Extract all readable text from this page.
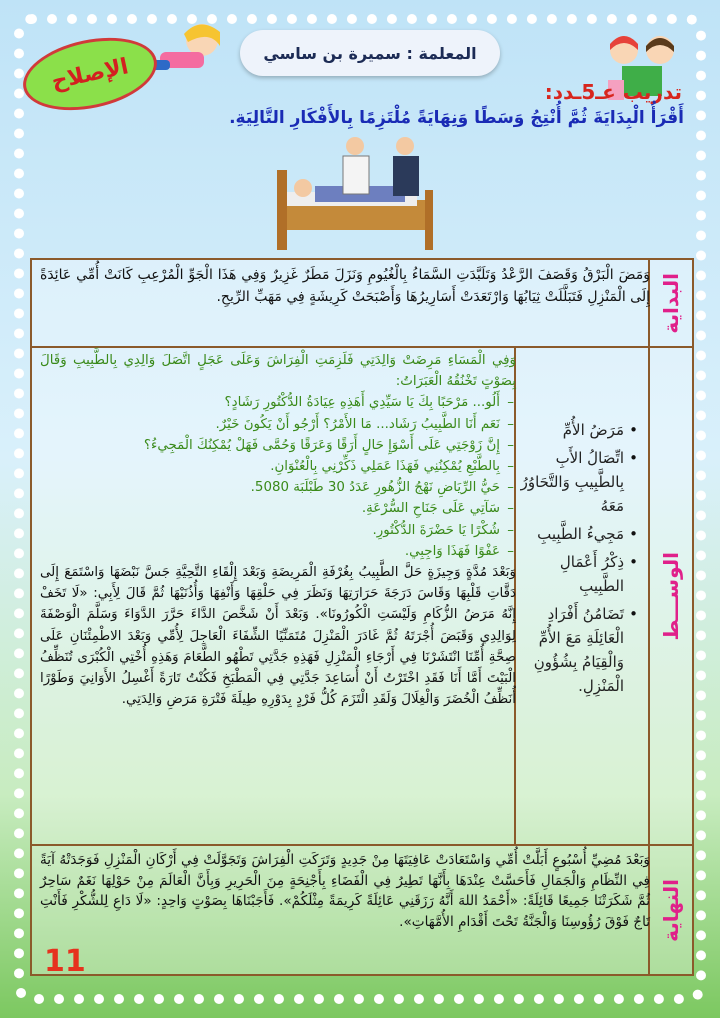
الإصلاح
المعلمة : سميرة بن ساسي
تدريب عـ5ـدد:
أَقْرَأُ الْبِدَايَةَ ثُمَّ أُنْتِجُ وَسَطًا وَنِهَايَةً مُلْتَزِمًا بِالأَفْكَارِ التَّالِيَةِ.
البداية
وَمَضَ الْبَرْقُ وَقَصَفَ الرَّعْدُ وَتَلَبَّدَتِ السَّمَاءُ بِالْغُيُومِ وَنَزَلَ مَطَرٌ غَزِيرٌ وَفِي هَذَا الْجَوِّ الْمُرْعِبِ كَانَتْ أُمِّي عَائِدَةً إِلَى الْمَنْزِلِ فَتَبَلَّلَتْ ثِيَابُهَا وَارْتَعَدَتْ أَسَارِيرُهَا وَأَصْبَحَتْ كَرِيشَةٍ فِي مَهَبِّ الرِّيحِ.
الوســـط
• مَرَضُ الأُمِّ
• اتِّصَالُ الأَبِ بِالطَّبِيبِ وَالتَّحَاوُرُ مَعَهُ
• مَجِيءُ الطَّبِيبِ
• ذِكْرُ أَعْمَالِ الطَّبِيبِ
• تَضَامُنُ أَفْرَادِ الْعَائِلَةِ مَعَ الأُمِّ وَالْقِيَامُ بِشُؤُونِ الْمَنْزِلِ.

وَفِي الْمَسَاءِ مَرِضَتْ وَالِدَتِي فَلَزِمَتِ الْفِرَاشَ وَعَلَى عَجَلٍ اتَّصَلَ وَالِدِي بِالطَّبِيبِ وَقَالَ بِصَوْتٍ تَخْنُقُهُ الْعَبَرَاتُ:

– أَلُو... مَرْحَبًا بِكَ يَا سَيِّدِي أَهَذِهِ عِيَادَةُ الدُّكْتُورِ رَشَادٍ؟
– نَعَم أَنَا الطَّبِيبُ رَشَاد... مَا الأَمْرُ؟ أَرْجُو أَنْ يَكُونَ خَيْرٌ.
– إِنَّ زَوْجَتِي عَلَى أَسْوَإِ حَالٍ أَرَقًا وَعَرَقًا وَحُمَّى فَهَلْ يُمْكِنُكَ الْمَجِيءُ؟
– بِالطَّبْعِ يُمْكِنُنِي فَهَذَا عَمَلِي ذَكِّرْنِي بِالْعُنْوَانِ.
– حَيُّ الرِّيَاضِ نَهْجُ الزُّهُورِ عَدَدُ 30 طَبْلَبَة 5080.
– سَآتِي عَلَى جَنَاحِ السُّرْعَةِ.
– شُكْرًا يَا حَضْرَةَ الدُّكْتُورِ.
– عَفْوًا فَهَذَا وَاجِبِي.

وَبَعْدَ مُدَّةٍ وَجِيزَةٍ حَلَّ الطَّبِيبُ بِغُرْفَةِ الْمَرِيضَةِ وَبَعْدَ إِلْقَاءِ التَّحِيَّةِ جَسَّ نَبْضَهَا وَاسْتَمَعَ إِلَى دَقَّاتِ قَلْبِهَا وَقَاسَ دَرَجَةَ حَرَارَتِهَا وَنَظَرَ فِي حَلْقِهَا وَأَنْفِهَا وَأُذُنَيْهَا ثُمَّ قَالَ لِأَبِي: «لَا تَخَفْ إِنَّهُ مَرَضُ الزُّكَامِ وَلَيْسَتِ الْكُورُونَا». وَبَعْدَ أَنْ شَخَّصَ الدَّاءَ حَرَّرَ الدَّوَاءَ وَسَلَّمَ الْوَصْفَةَ لِوَالِدِي وَقَبَضَ أُجْرَتَهُ ثُمَّ غَادَرَ الْمَنْزِلَ مُتَمَنِّيًا الشِّفَاءَ الْعَاجِلَ لِأُمِّي وَبَعْدَ الاطْمِئْنَانِ عَلَى صِحَّةِ أُمِّنَا انْتَشَرْنَا فِي أَرْجَاءِ الْمَنْزِلِ فَهَذِهِ جَدَّتِي تَطْهُو الطَّعَامَ وَهَذِهِ أُخْتِي الْكُبْرَى تُنَظِّفُ الْبَيْتَ أَمَّا أَنَا فَقَدِ اخْتَرْتُ أَنْ أُسَاعِدَ جَدَّتِي فِي الْمَطْبَخِ فَكُنْتُ تَارَةً أَغْسِلُ الأَوَانِيَ وَطَوْرًا أُنَظِّفُ الْخُضَرَ وَالْغِلَالَ وَلَقَدِ الْتَزَمَ كُلُّ فَرْدٍ بِدَوْرِهِ طِيلَةَ فَتْرَةِ مَرَضِ وَالِدَتِي.

النهاية
وَبَعْدَ مُضِيِّ أُسْبُوعٍ أَبَلَّتْ أُمِّي وَاسْتَعَادَتْ عَافِيَتَهَا مِنْ جَدِيدٍ وَتَرَكَتِ الْفِرَاشَ وَتَجَوَّلَتْ فِي أَرْكَانِ الْمَنْزِلِ فَوَجَدَتْهُ آيَةً فِي النِّظَامِ وَالْجَمَالِ فَأَحَسَّتْ عِنْدَهَا بِأَنَّهَا تَطِيرُ فِي الْفَضَاءِ بِأَجْنِحَةٍ مِنَ الْحَرِيرِ وَبِأَنَّ الْعَالَمَ مِنْ حَوْلِهَا نَغَمٌ سَاحِرٌ ثُمَّ شَكَرَتْنَا جَمِيعًا قَائِلَةً: «أَحْمَدُ اللهَ أَنَّهُ رَزَقَنِي عَائِلَةً كَرِيمَةً مِثْلَكُمْ». فَأَجَبْنَاهَا بِصَوْتٍ وَاحِدٍ: «لَا دَاعِ لِلشُّكْرِ فَأَنْتِ تَاجٌ فَوْقَ رُؤُوسِنَا وَالْجَنَّةُ تَحْتَ أَقْدَامِ الأُمَّهَاتِ».
11
